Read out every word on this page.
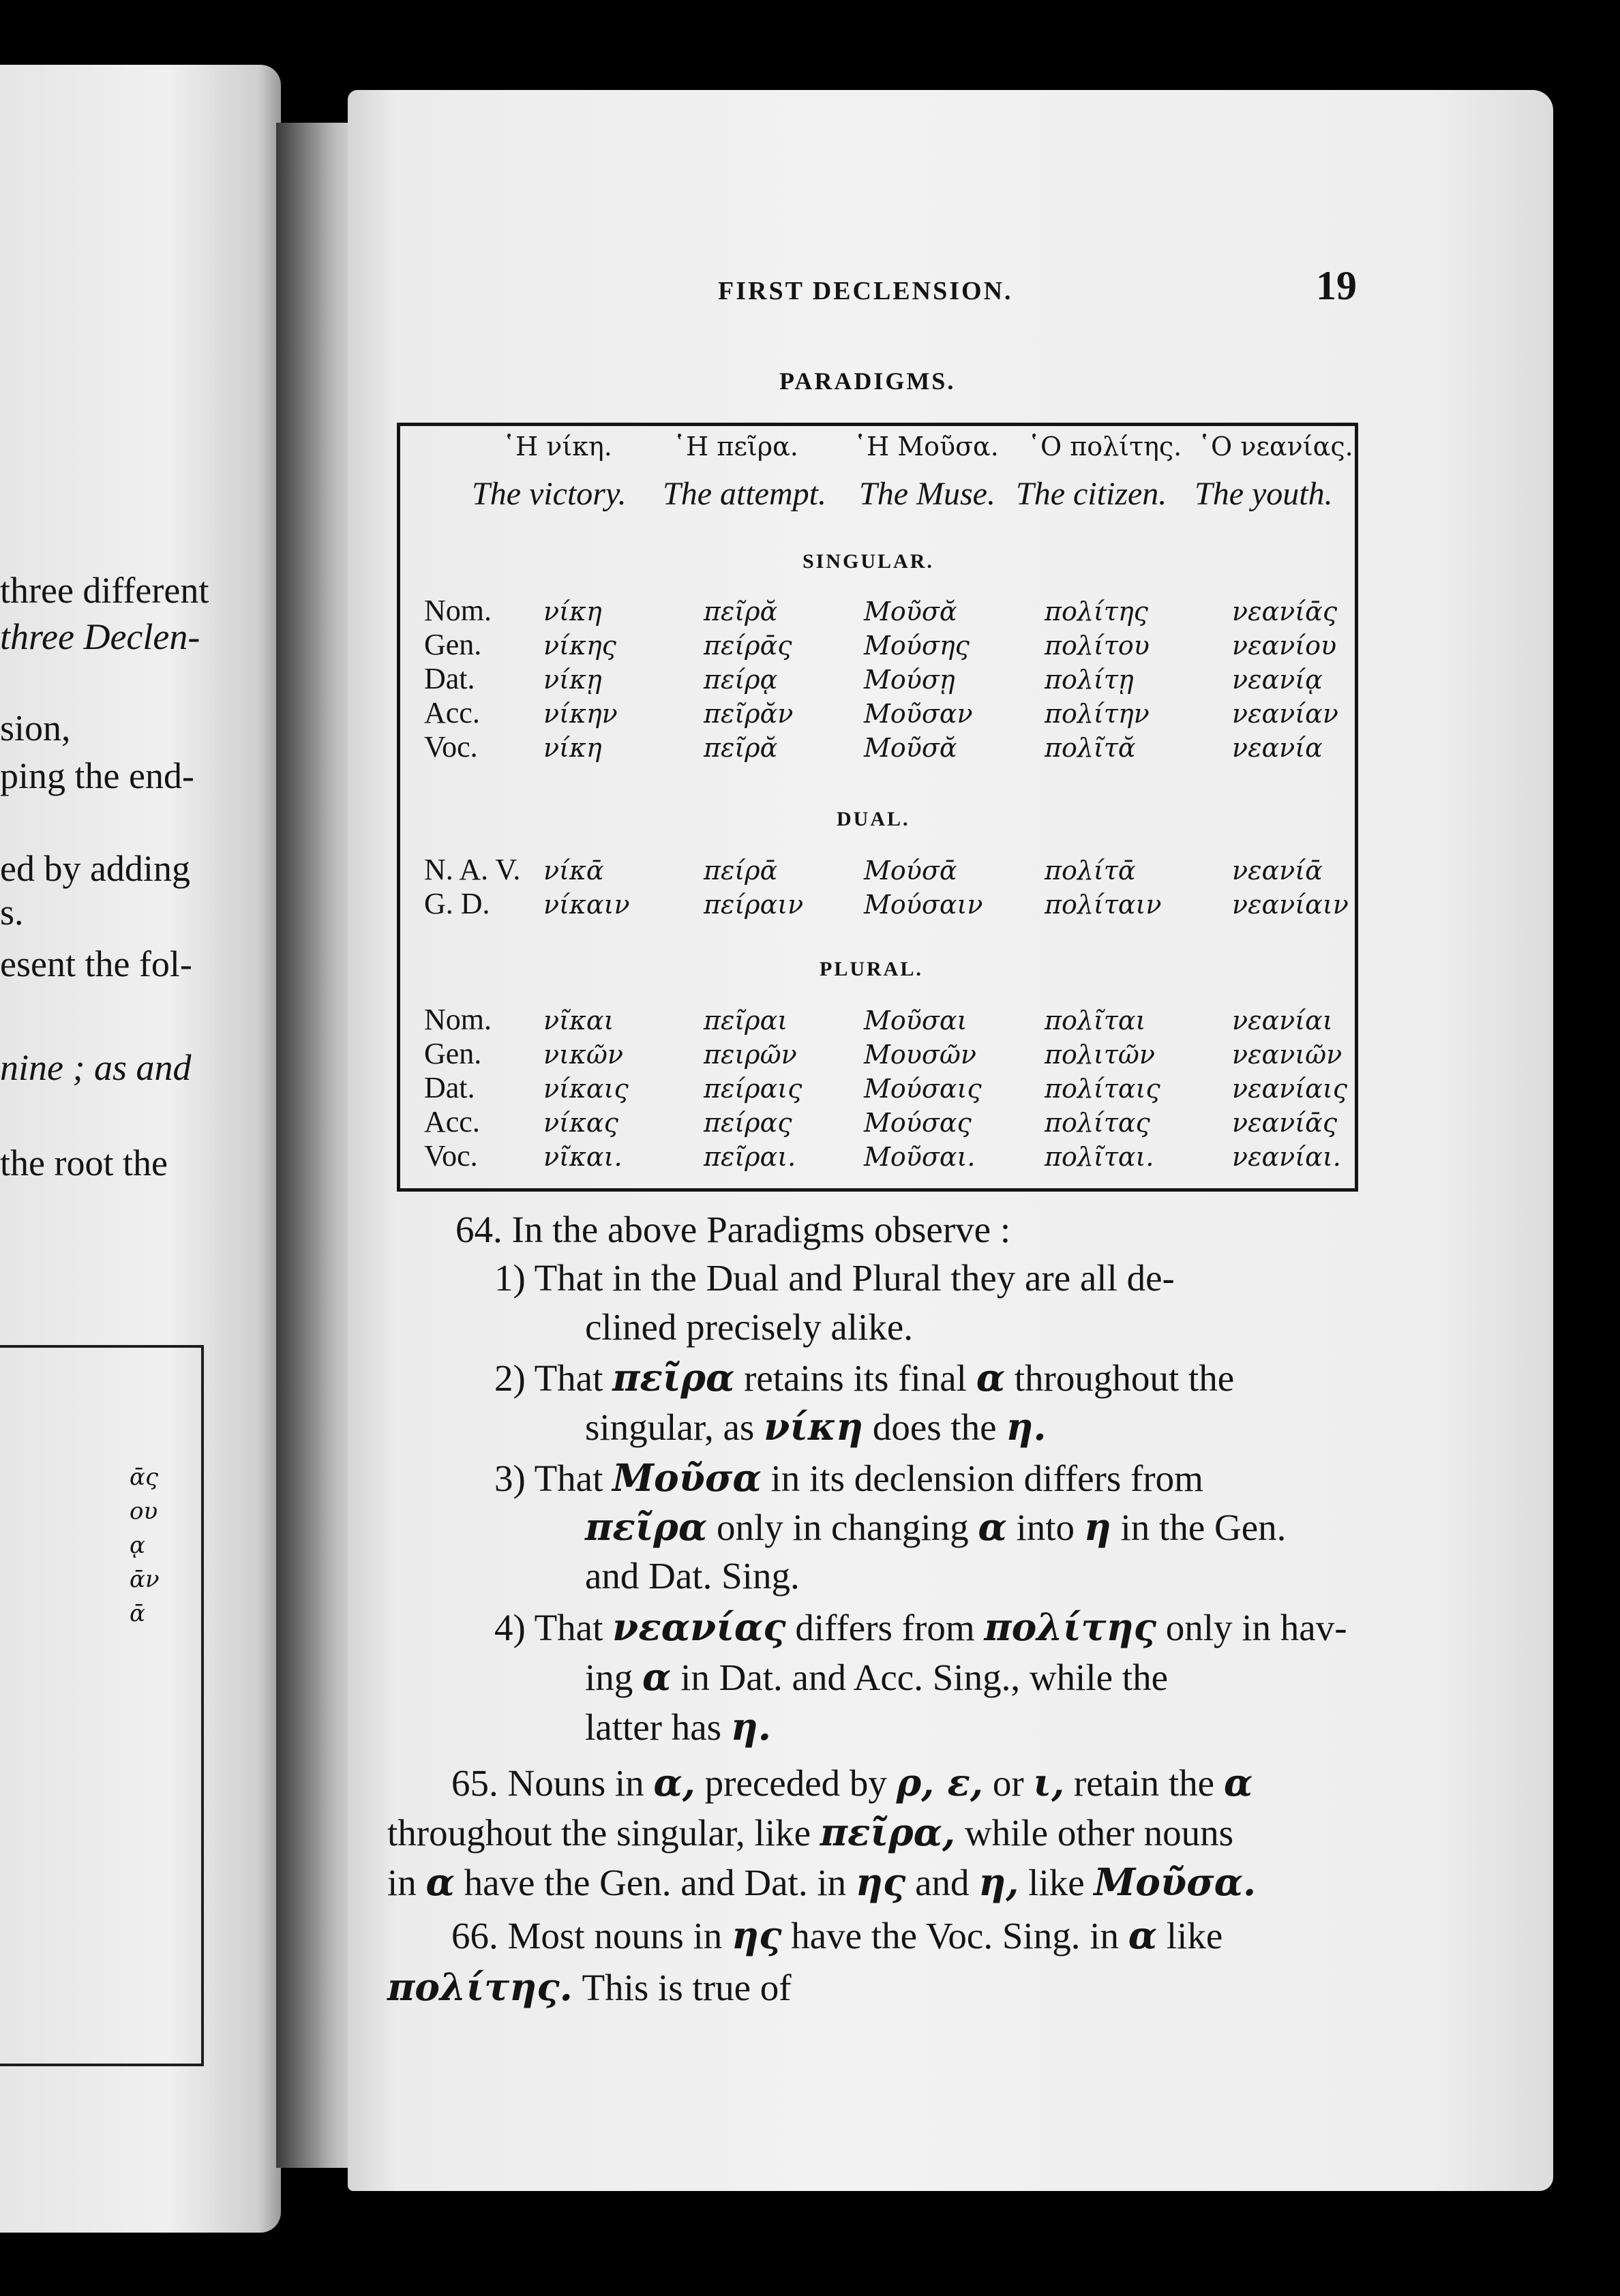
three different
three Declen-
sion,
ping the end-
ed by adding
s.
esent the fol-
nine ; as and
the root the
ᾱς
ου
ᾳ
ᾱν
ᾱ
FIRST DECLENSION.	19
PARADIGMS.
῾Η νίκη. ῾Η πεῖρα. ῾Η Μοῦσα. ῾Ο πολίτης. ῾Ο νεανίας.
The victory. The attempt. The Muse. The citizen. The youth.
SINGULAR.
Nom. νίκη	πεῖρᾰ	Μοῦσᾰ	πολίτης	νεανίᾱς
Gen. νίκης	πείρᾱς	Μούσης	πολίτου	νεανίου
Dat.	νίκῃ	πείρᾳ	Μούσῃ	πολίτῃ	νεανίᾳ
Acc. νίκην	πεῖρᾰν	Μοῦσαν	πολίτην	νεανίαν
Voc.	νίκη	πεῖρᾰ	Μοῦσᾰ	πολῖτᾰ	νεανία
DUAL.
N. A. V. νίκᾱ	πείρᾱ	Μούσᾱ	πολίτᾱ	νεανίᾱ
G. D. νίκαιν	πείραιν Μούσαιν πολίταιν	νεανίαιν
PLURAL.
Nom. νῖκαι	πεῖραι	Μοῦσαι	πολῖται	νεανίαι
Gen. νικῶν	πειρῶν	Μουσῶν	πολιτῶν	νεανιῶν
Dat.	νίκαις	πείραις Μούσαις πολίταις	νεανίαις
Acc. νίκας	πείρας	Μούσας	πολίτας	νεανίᾱς
Voc.	νῖκαι.	πεῖραι.	Μοῦσαι.	πολῖται.	νεανίαι.
64. In the above Paradigms observe :
1) That in the Dual and Plural they are all de-
clined precisely alike.
2) That πεῖρα retains its final α throughout the
singular, as νίκη does the η.
3) That Μοῦσα in its declension differs from
πεῖρα only in changing α into η in the Gen.
and Dat. Sing.
4) That νεανίας differs from πολίτης only in hav-
ing α in Dat. and Acc. Sing., while the
latter has η.
65. Nouns in α, preceded by ρ, ε, or ι, retain the α
throughout the singular, like πεῖρα, while other nouns
in α have the Gen. and Dat. in ης and η, like Μοῦσα.
66. Most nouns in ης have the Voc. Sing. in α like
πολίτης. This is true of
